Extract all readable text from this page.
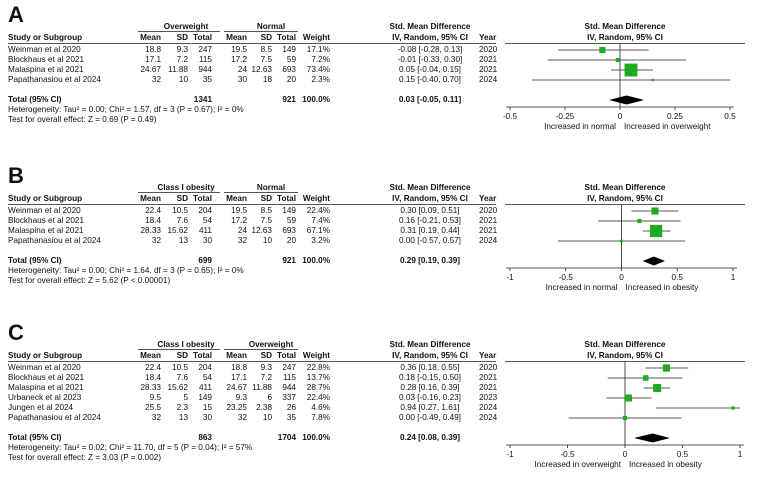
A	Overweight	Normal	Std. Mean Difference	Std. Mean Difference
Study or Subgroup	Mean	SD Total	Mean	SD Total Weight	IV, Random, 95% CI	Year	IV, Random, 95% CI
Weinman et al 2020	18.8	9.3	247	19.5	8.5	149	17.1%	-0.08 [-0.28, 0.13]	2020
Blockhaus et al 2021	17.1	7.2	115	17.2	7.5	59	7.2%	-0.01 [-0.33, 0.30]	2021
Malaspina et al 2021	24.67 11.88	944	24 12.63	693	73.4%	0.05 [-0.04, 0.15]	2021
Papathanasiou et al 2024	32	10	35	30	18	20	2.3%	0.15 [-0.40, 0.70]	2024
Total (95% CI)	1341	921 100.0%	0.03 [-0.05, 0.11]
Heterogeneity: Tau² = 0.00; Chi² = 1.57, df = 3 (P = 0.67); I² = 0%
Test for overall effect: Z = 0.69 (P = 0.49)	-0.5	-0.25	0	0.25	0.5
Increased in normal Increased in overweight
B	Class I obesity	Normal	Std. Mean Difference	Std. Mean Difference
Study or Subgroup	Mean	SD Total	Mean	SD Total Weight	IV, Random, 95% CI	Year	IV, Random, 95% CI
Weinman et al 2020	22.4	10.5	204	19.5	8.5	149	22.4%	0.30 [0.09, 0.51]	2020
Blockhaus et al 2021	18.4	7.6	54	17.2	7.5	59	7.4%	0.16 [-0.21, 0.53]	2021
Malaspina et al 2021	28.33 15.62	411	24 12.63	693	67.1%	0.31 [0.19, 0.44]	2021
Papathanasiou et al 2024	32	13	30	32	10	20	3.2%	0.00 [-0.57, 0.57]	2024
Total (95% CI)	699	921 100.0%	0.29 [0.19, 0.39]
Heterogeneity: Tau² = 0.00; Chi² = 1.64, df = 3 (P = 0.65); I² = 0%
Test for overall effect: Z = 5.62 (P < 0.00001)	-1	-0.5	0	0.5	1
Increased in normal Increased in obesity
C	Class I obesity	Overweight	Std. Mean Difference	Std. Mean Difference
Study or Subgroup	Mean	SD Total	Mean	SD Total Weight	IV, Random, 95% CI	Year	IV, Random, 95% CI
Weinman et al 2020	22.4	10.5	204	18.8	9.3	247	22.8%	0.36 [0.18, 0.55]	2020
Blockhaus et al 2021	18.4	7.6	54	17.1	7.2	115	13.7%	0.18 [-0.15, 0.50]	2021
Malaspina et al 2021	28.33 15.62	411	24.67 11.88	944	28.7%	0.28 [0.16, 0.39]	2021
Urbaneck et al 2023	9.5	5	149	9.3	6	337	22.4%	0.03 [-0.16, 0.23]	2023
Jungen et al 2024	25.5	2.3	15	23.25	2.38	26	4.6%	0.94 [0.27, 1.61]	2024
Papathanasiou et al 2024	32	13	30	32	10	35	7.8%	0.00 [-0.49, 0.49]	2024
Total (95% CI)	863	1704 100.0%	0.24 [0.08, 0.39]
Heterogeneity: Tau² = 0.02; Chi² = 11.70, df = 5 (P = 0.04); I² = 57%
Test for overall effect: Z = 3.03 (P = 0.002)	-1	-0.5	0	0.5	1
Increased in overweight Increased in obesity
